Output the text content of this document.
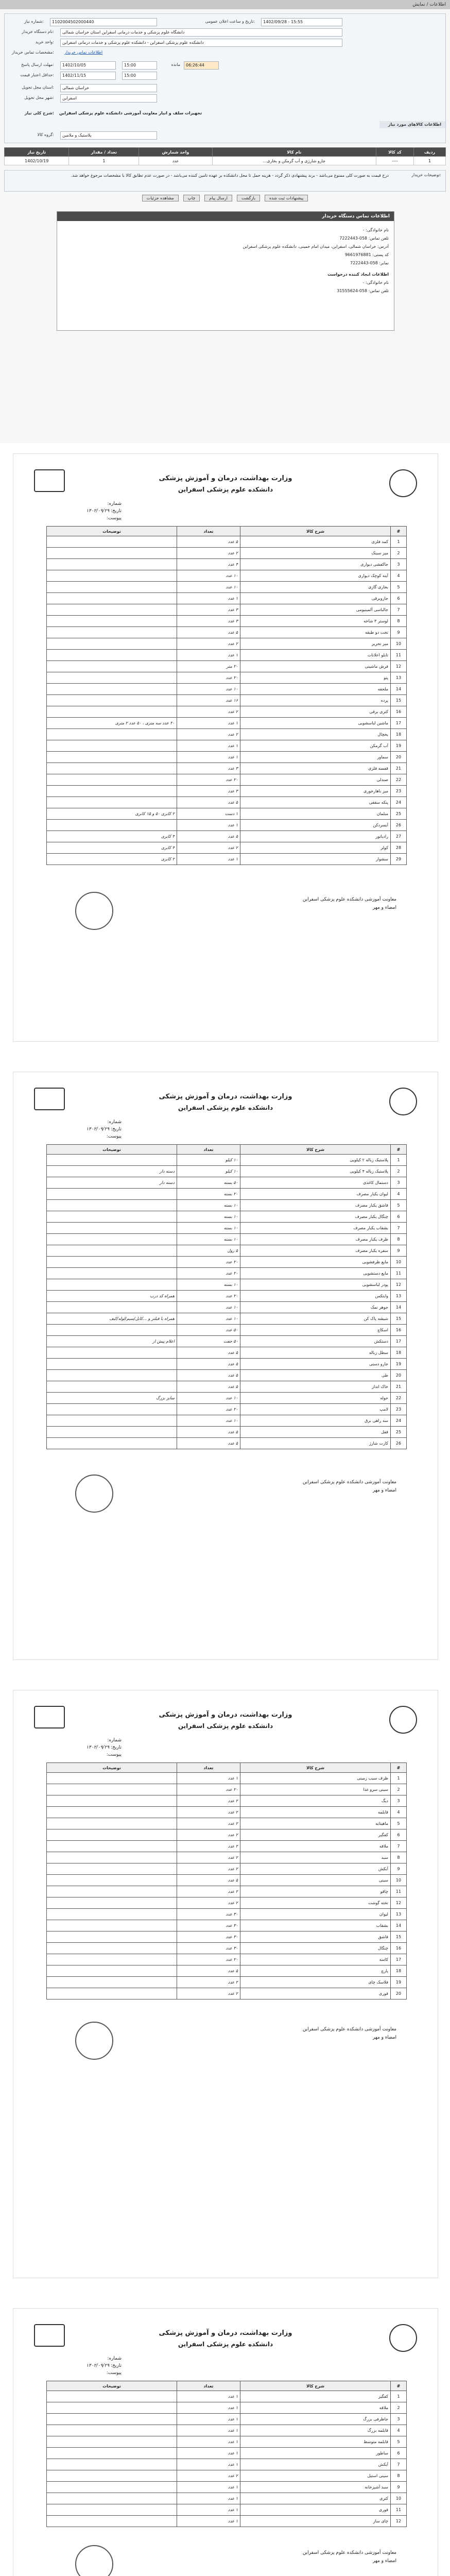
اطلاعات / نمایش
شماره نیاز:	1102004502000440	تاریخ و ساعت اعلان عمومی:	1402/09/28 - 15:55
نام دستگاه خریدار:	دانشگاه علوم پزشکی و خدمات درمانی اسفراین استان خراسان شمالی
واحد خرید:	دانشکده علوم پزشکی اسفراین - دانشکده علوم پزشکی و خدمات درمانی اسفراین
مشخصات تماس خریدار:	اطلاعات تماس خریدار
مهلت ارسال پاسخ:	1402/10/05	15:00	مانده	06:26:44
حداقل اعتبار قیمت:	1402/11/15	15:00
استان محل تحویل:	خراسان شمالی
شهر محل تحویل:	اسفراین
شرح کلی نیاز: تجهیزات سلف و انبار معاونت آموزشی دانشکده علوم پزشکی اسفراین
اطلاعات کالاهای مورد نیاز
گروه کالا:	پلاستیک و ملامین
ردیف	کد کالا	نام کالا	واحد شمارش	تعداد / مقدار	تاریخ نیاز
1	----	جارو شارژی و آب گرمکن و بخاری...	عدد	1	1402/10/19
توضیحات خریدار:
درج قیمت به صورت کلی ممنوع می‌باشد - برند پیشنهادی ذکر گردد - هزینه حمل تا محل دانشکده بر عهده تامین کننده می‌باشد - در صورت عدم تطابق کالا با مشخصات مرجوع خواهد شد.
مشاهده جزئیات	چاپ	ارسال پیام	بازگشت	پیشنهادات ثبت شده
اطلاعات تماس دستگاه خریدار
نام خانوادگی: -
تلفن تماس: 058-7222443
آدرس: خراسان شمالی، اسفراین، میدان امام خمینی، دانشکده علوم پزشکی اسفراین
کد پستی: 9661976881
نمابر: 058-7222443
اطلاعات ایجاد کننده درخواست
نام خانوادگی: -
تلفن تماس: 058-31555624
وزارت بهداشت، درمان و آموزش پزشکی
دانشکده علوم پزشکی اسفراین
شماره:
تاریخ: ۱۴۰۲/۰۹/۲۹
پیوست:
#	شرح کالا	تعداد	توضیحات
1	کمد فلزی	۵ عدد	
2	میز سینک	۲ عدد	
3	جاکفشی دیواری	۴ عدد	
4	آینه کوچک دیواری	۱۰ عدد	
5	بخاری گازی	۱۰ عدد	
6	جاروبرقی	۱ عدد	
7	جالباسی آلمینیومی	۳ عدد	
8	لوستر ۳ شاخه	۳ عدد	
9	تخت دو طبقه	۵ عدد	
10	میز تحریر	۲ عدد	
11	تابلو اعلانات	۱ عدد	
12	فرش ماشینی	۲۰ متر	
13	پتو	۲۰ عدد	
14	ملحفه	۱۰ عدد	
15	پرده	۱۶ عدد	
16	کتری برقی	۲ عدد	
17	ماشین لباسشویی	۱ عدد	۲۰ عدد سه متری ، ۵۰ عدد ۲ متری
18	یخچال	۲ عدد	
19	آب گرمکن	۱ عدد	
20	سماور	۱ عدد	
21	قفسه فلزی	۳ عدد	
22	صندلی	۲۰ عدد	
23	میز ناهارخوری	۳ عدد	
24	پنکه سقفی	۵ عدد	
25	مبلمان	۱ دست	۲ کابری ۵۰ و ۱۵ کابری
26	آبسردکن	۱ عدد	
27	رادیاتور	۵ عدد	۴ کابری
28	کولر	۲ عدد	۴ کابری
29	سشوار	۱ عدد	۲ کابری
معاونت آموزشی دانشکده علوم پزشکی اسفراین
امضاء و مهر
وزارت بهداشت، درمان و آموزش پزشکی
دانشکده علوم پزشکی اسفراین
شماره:
تاریخ: ۱۴۰۲/۰۹/۲۹
پیوست:
#	شرح کالا	تعداد	توضیحات
1	پلاستیک زباله ۲ کیلویی	۱۰ کیلو	
2	پلاستیک زباله ۴ کیلویی	۱۰ کیلو	دسته دار
3	دستمال کاغذی	۵۰ بسته	دسته دار
4	لیوان یکبار مصرف	۲۰ بسته	
5	قاشق یکبار مصرف	۱۰ بسته	
6	چنگال یکبار مصرف	۱۰ بسته	
7	بشقاب یکبار مصرف	۱۰ بسته	
8	ظرف یکبار مصرف	۱۰ بسته	
9	سفره یکبار مصرف	۵ رول	
10	مایع ظرفشویی	۲۰ عدد	
11	مایع دستشویی	۲۰ عدد	
12	پودر لباسشویی	۱۰ بسته	
13	وایتکس	۲۰ عدد	همراه کد درب
14	جوهر نمک	۱۰ عدد	
15	شیشه پاک کن	۱۰ عدد	همراه با فیلتر و ...کابل/سیم/لوله/کیف
16	اسکاچ	۵۰ عدد	
17	دستکش	۵۰ جفت	اعلام پیش از
18	سطل زباله	۵ عدد	
19	جارو دستی	۵ عدد	
20	طی	۵ عدد	
21	خاک انداز	۵ عدد	
22	حوله	۱۰ عدد	سایز بزرگ
23	لامپ	۲۰ عدد	
24	سه راهی برق	۱۰ عدد	
25	قفل	۵ عدد	
26	کارت شارژ	۵ عدد	
معاونت آموزشی دانشکده علوم پزشکی اسفراین
امضاء و مهر
وزارت بهداشت، درمان و آموزش پزشکی
دانشکده علوم پزشکی اسفراین
شماره:
تاریخ: ۱۴۰۲/۰۹/۲۹
پیوست:
#	شرح کالا	تعداد	توضیحات
1	ظرف سیب زمینی	۱ عدد	
2	سینی سرو غذا	۲۰ عدد	
3	دیگ	۲ عدد	
4	قابلمه	۲ عدد	
5	ماهیتابه	۲ عدد	
6	کفگیر	۲ عدد	
7	ملاقه	۲ عدد	
8	سبد	۲ عدد	
9	آبکش	۲ عدد	
10	سینی	۵ عدد	
11	چاقو	۲ عدد	
12	تخته گوشت	۲ عدد	
13	لیوان	۳۰ عدد	
14	بشقاب	۳۰ عدد	
15	قاشق	۳۰ عدد	
16	چنگال	۳۰ عدد	
17	کاسه	۲۰ عدد	
18	پارچ	۵ عدد	
19	فلاسک چای	۲ عدد	
20	قوری	۲ عدد	
معاونت آموزشی دانشکده علوم پزشکی اسفراین
امضاء و مهر
وزارت بهداشت، درمان و آموزش پزشکی
دانشکده علوم پزشکی اسفراین
شماره:
تاریخ: ۱۴۰۲/۰۹/۲۹
پیوست:
#	شرح کالا	تعداد	توضیحات
1	کفگیر	۱ عدد	
2	ملاقه	۱ عدد	
3	جاظرفی بزرگ	۱ عدد	
4	قابلمه بزرگ	۱ عدد	
5	قابلمه متوسط	۱ عدد	
6	ساطور	۱ عدد	
7	آبکش	۱ عدد	
8	سینی استیل	۲ عدد	
9	سبد آشپزخانه	۱ عدد	
10	کتری	۱ عدد	
11	قوری	۱ عدد	
12	چای ساز	۱ عدد	
معاونت آموزشی دانشکده علوم پزشکی اسفراین
امضاء و مهر
